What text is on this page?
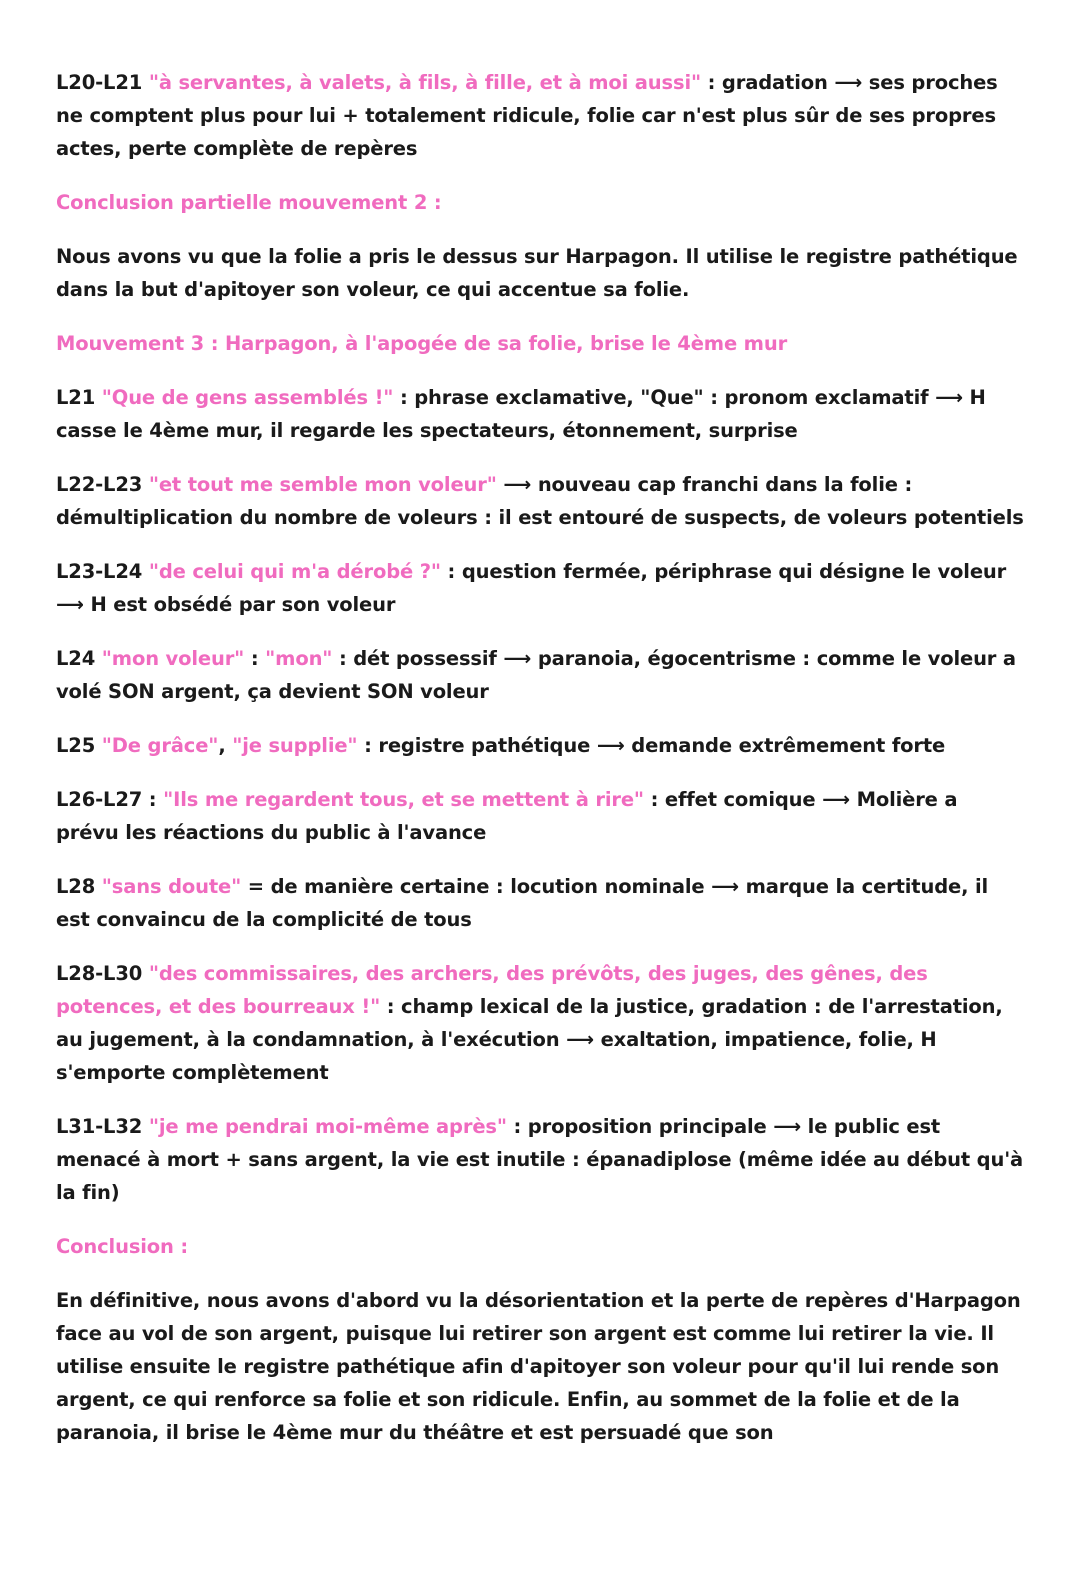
L20-L21 "à servantes, à valets, à fils, à fille, et à moi aussi" : gradation ⟶ ses proches ne comptent plus pour lui + totalement ridicule, folie car n'est plus sûr de ses propres actes, perte complète de repères

Conclusion partielle mouvement 2 :

Nous avons vu que la folie a pris le dessus sur Harpagon. Il utilise le registre pathétique dans la but d'apitoyer son voleur, ce qui accentue sa folie.

Mouvement 3 : Harpagon, à l'apogée de sa folie, brise le 4ème mur

L21 "Que de gens assemblés !" : phrase exclamative, "Que" : pronom exclamatif ⟶ H casse le 4ème mur, il regarde les spectateurs, étonnement, surprise

L22-L23 "et tout me semble mon voleur" ⟶ nouveau cap franchi dans la folie : démultiplication du nombre de voleurs : il est entouré de suspects, de voleurs potentiels

L23-L24 "de celui qui m'a dérobé ?" : question fermée, périphrase qui désigne le voleur ⟶ H est obsédé par son voleur

L24 "mon voleur" : "mon" : dét possessif ⟶ paranoia, égocentrisme : comme le voleur a volé SON argent, ça devient SON voleur

L25 "De grâce", "je supplie" : registre pathétique ⟶ demande extrêmement forte

L26-L27 : "Ils me regardent tous, et se mettent à rire" : effet comique ⟶ Molière a prévu les réactions du public à l'avance

L28 "sans doute" = de manière certaine : locution nominale ⟶ marque la certitude, il est convaincu de la complicité de tous

L28-L30 "des commissaires, des archers, des prévôts, des juges, des gênes, des potences, et des bourreaux !" : champ lexical de la justice, gradation : de l'arrestation, au jugement, à la condamnation, à l'exécution ⟶ exaltation, impatience, folie, H s'emporte complètement

L31-L32 "je me pendrai moi-même après" : proposition principale ⟶ le public est menacé à mort + sans argent, la vie est inutile : épanadiplose (même idée au début qu'à la fin)

Conclusion :

En définitive, nous avons d'abord vu la désorientation et la perte de repères d'Harpagon face au vol de son argent, puisque lui retirer son argent est comme lui retirer la vie. Il utilise ensuite le registre pathétique afin d'apitoyer son voleur pour qu'il lui rende son argent, ce qui renforce sa folie et son ridicule. Enfin, au sommet de la folie et de la paranoia, il brise le 4ème mur du théâtre et est persuadé que son
